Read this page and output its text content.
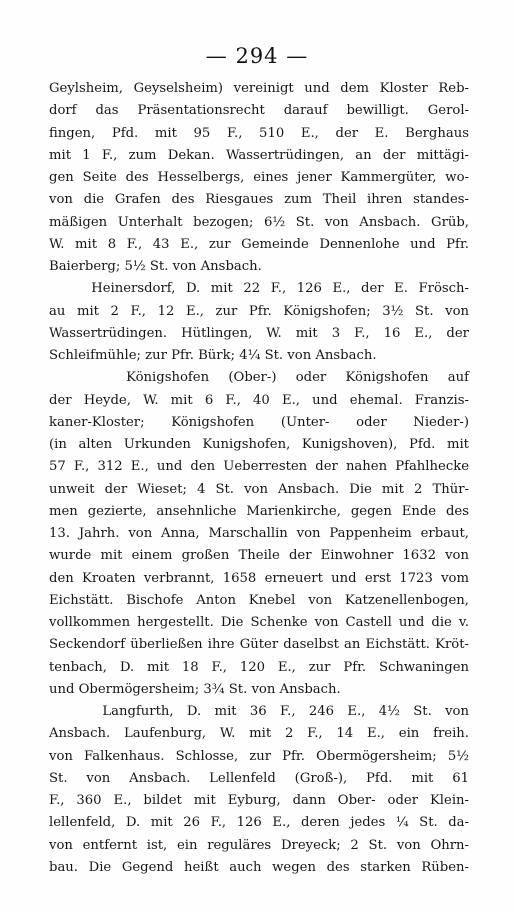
— 294 —
Geylsheim, Geyselsheim) vereinigt und dem Kloster Reb-
dorf das Präsentationsrecht darauf bewilligt. Gerol-
fingen, Pfd. mit 95 F., 510 E., der E. Berghaus
mit 1 F., zum Dekan. Wassertrüdingen, an der mittägi-
gen Seite des Hesselbergs, eines jener Kammergüter, wo-
von die Grafen des Riesgaues zum Theil ihren standes-
mäßigen Unterhalt bezogen; 6½ St. von Ansbach. Grüb,
W. mit 8 F., 43 E., zur Gemeinde Dennenlohe und Pfr.
Baierberg; 5½ St. von Ansbach.
Heinersdorf, D. mit 22 F., 126 E., der E. Frösch-
au mit 2 F., 12 E., zur Pfr. Königshofen; 3½ St. von
Wassertrüdingen. Hütlingen, W. mit 3 F., 16 E., der
Schleifmühle; zur Pfr. Bürk; 4¼ St. von Ansbach.
Königshofen (Ober-) oder Königshofen auf
der Heyde, W. mit 6 F., 40 E., und ehemal. Franzis-
kaner-Kloster; Königshofen (Unter- oder Nieder-)
(in alten Urkunden Kunigshofen, Kunigshoven), Pfd. mit
57 F., 312 E., und den Ueberresten der nahen Pfahlhecke
unweit der Wieset; 4 St. von Ansbach. Die mit 2 Thür-
men gezierte, ansehnliche Marienkirche, gegen Ende des
13. Jahrh. von Anna, Marschallin von Pappenheim erbaut,
wurde mit einem großen Theile der Einwohner 1632 von
den Kroaten verbrannt, 1658 erneuert und erst 1723 vom
Eichstätt. Bischofe Anton Knebel von Katzenellenbogen,
vollkommen hergestellt. Die Schenke von Castell und die v.
Seckendorf überließen ihre Güter daselbst an Eichstätt. Kröt-
tenbach, D. mit 18 F., 120 E., zur Pfr. Schwaningen
und Obermögersheim; 3¾ St. von Ansbach.
Langfurth, D. mit 36 F., 246 E., 4½ St. von
Ansbach. Laufenburg, W. mit 2 F., 14 E., ein freih.
von Falkenhaus. Schlosse, zur Pfr. Obermögersheim; 5½
St. von Ansbach. Lellenfeld (Groß-), Pfd. mit 61
F., 360 E., bildet mit Eyburg, dann Ober- oder Klein-
lellenfeld, D. mit 26 F., 126 E., deren jedes ¼ St. da-
von entfernt ist, ein reguläres Dreyeck; 2 St. von Ohrn-
bau. Die Gegend heißt auch wegen des starken Rüben-
